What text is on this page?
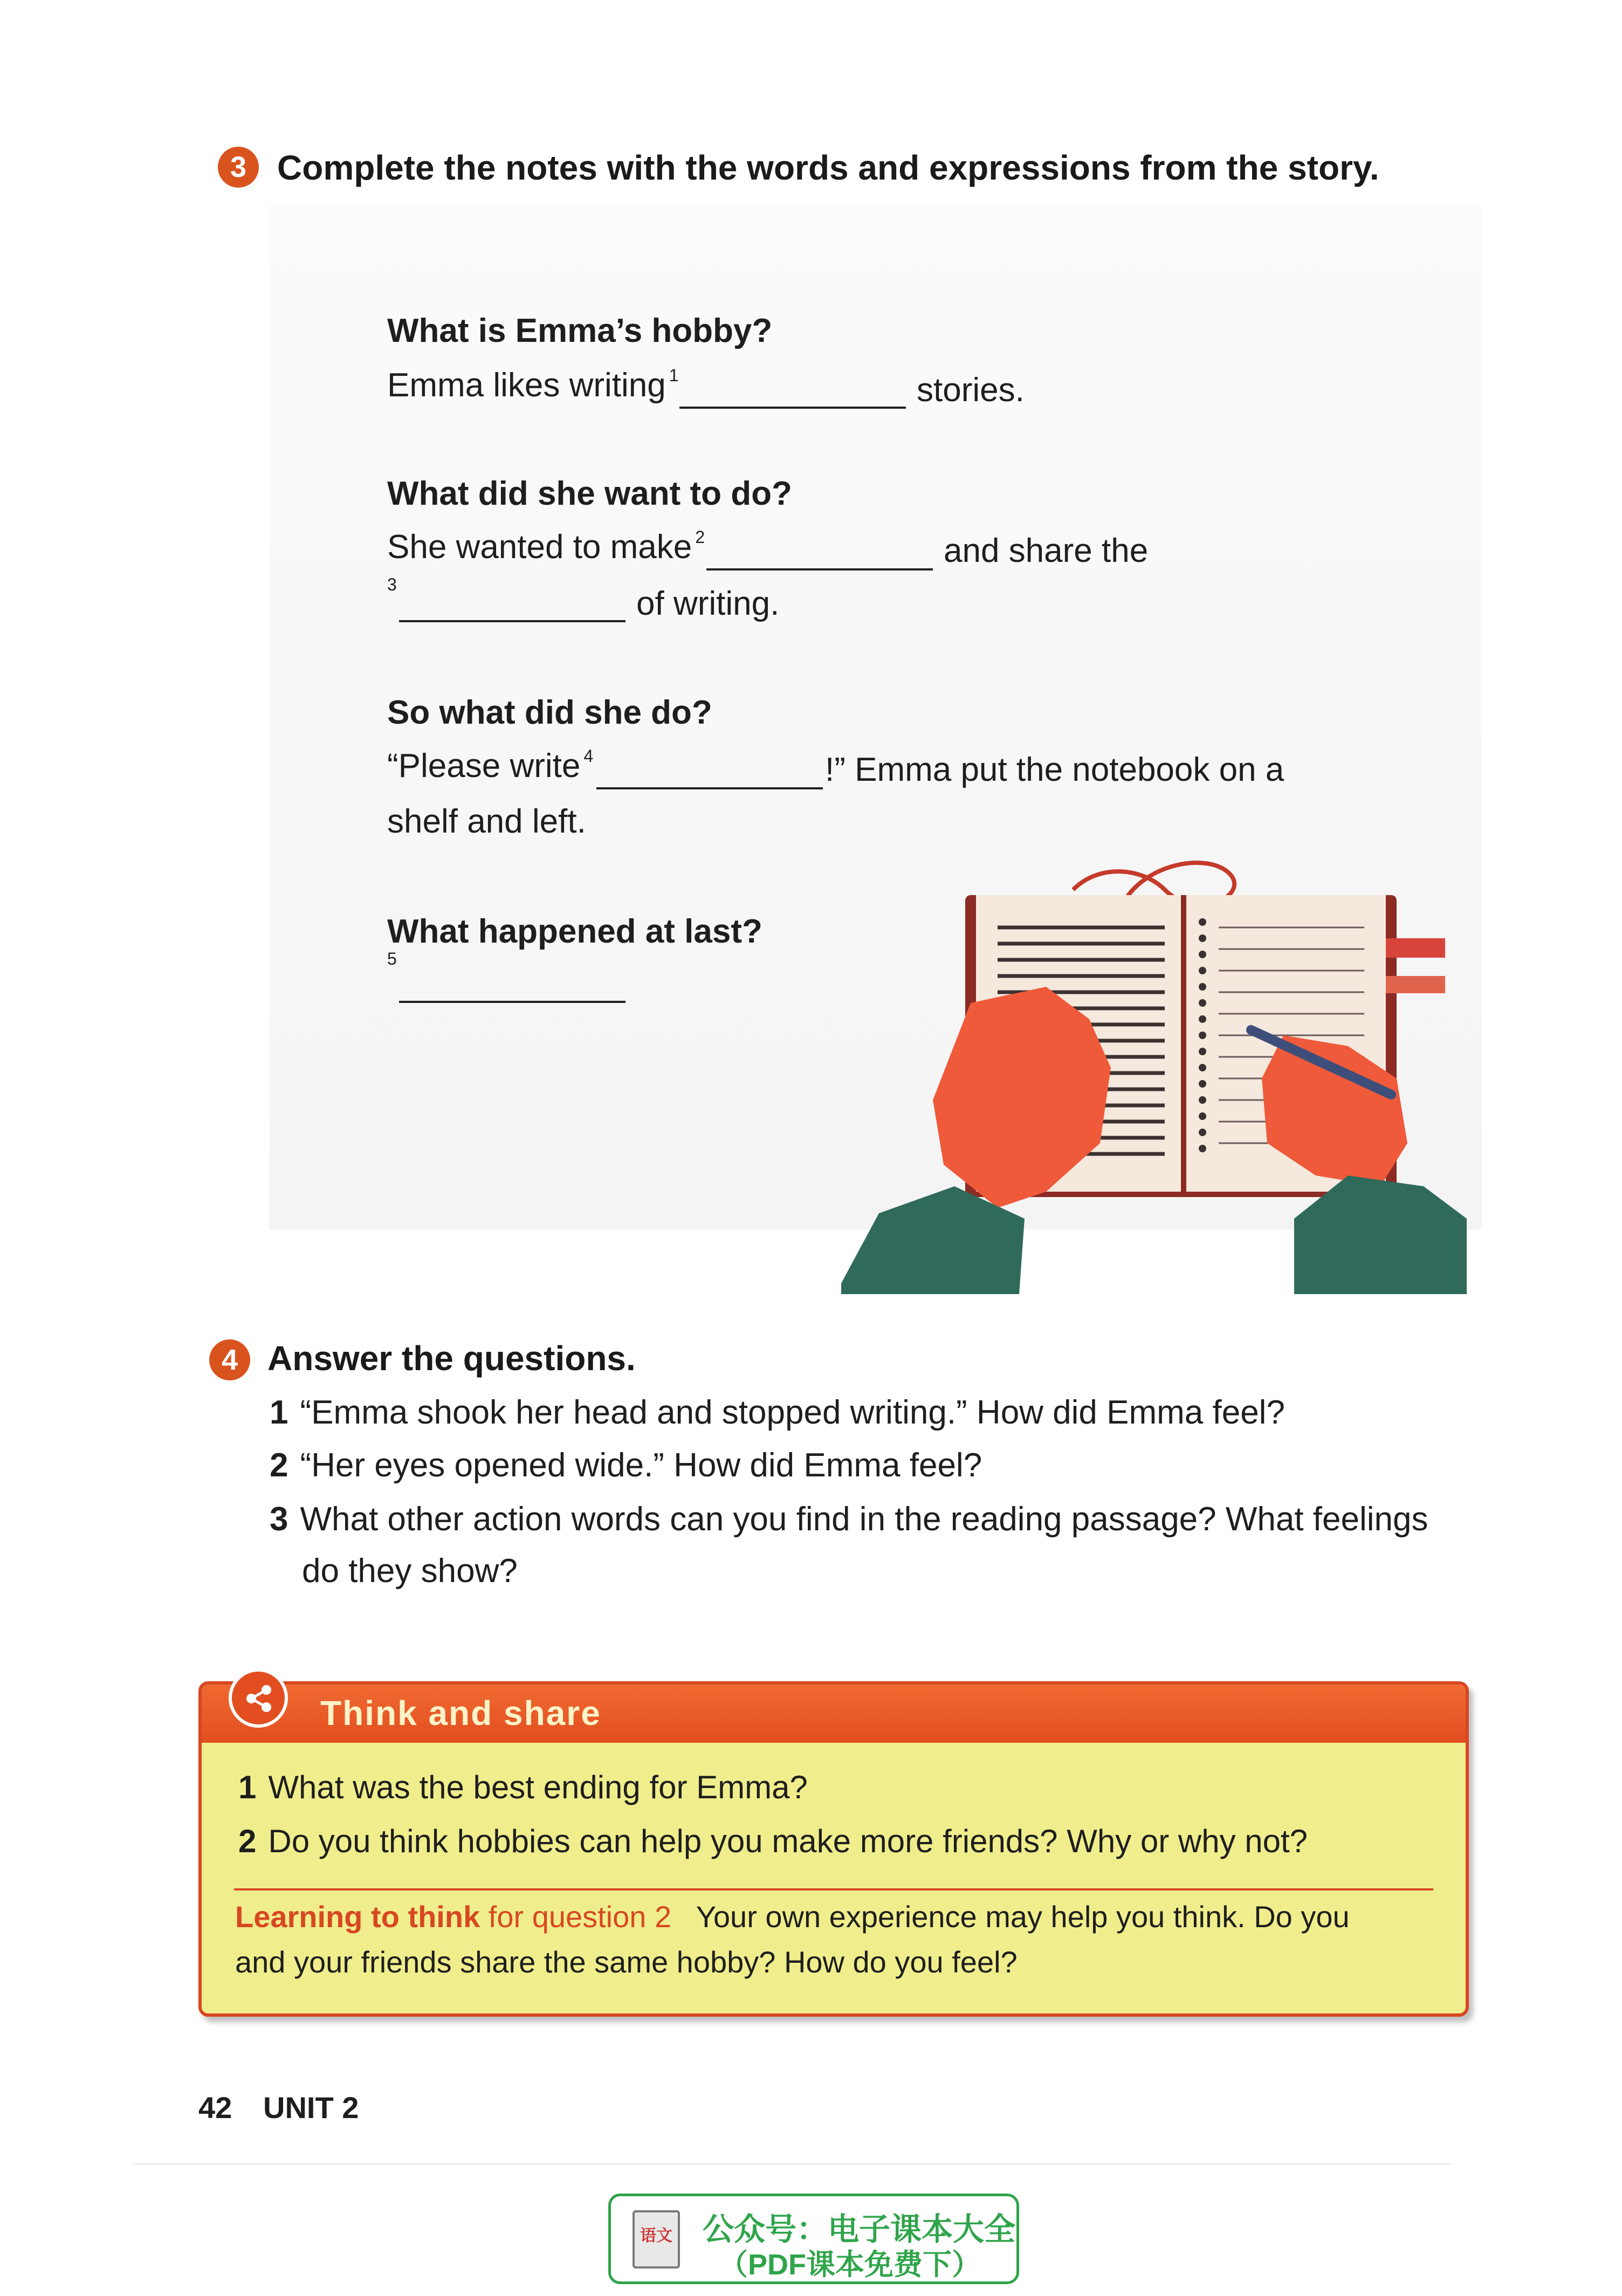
3 Complete the notes with the words and expressions from the story.
What is Emma’s hobby?
Emma likes writing $^1$	stories.
What did she want to do?
She wanted to make $^2$	and share the
$^3$
of writing.
So what did she do?
“Please write $^4$	!” Emma put the notebook on a
shelf and left.
What happened at last?
$^5$
4 Answer the questions.
1 “Emma shook her head and stopped writing.” How did Emma feel?
2 “Her eyes opened wide.” How did Emma feel?
3 What other action words can you find in the reading passage? What feelings
do they show?
Think and share
1 What was the best ending for Emma?
2 Do you think hobbies can help you make more friends? Why or why not?
Learning to think for question 2 Your own experience may help you think. Do you
and your friends share the same hobby? How do you feel?
42 UNIT 2
语文 公众号：电子课本大全
（PDF课本免费下）
